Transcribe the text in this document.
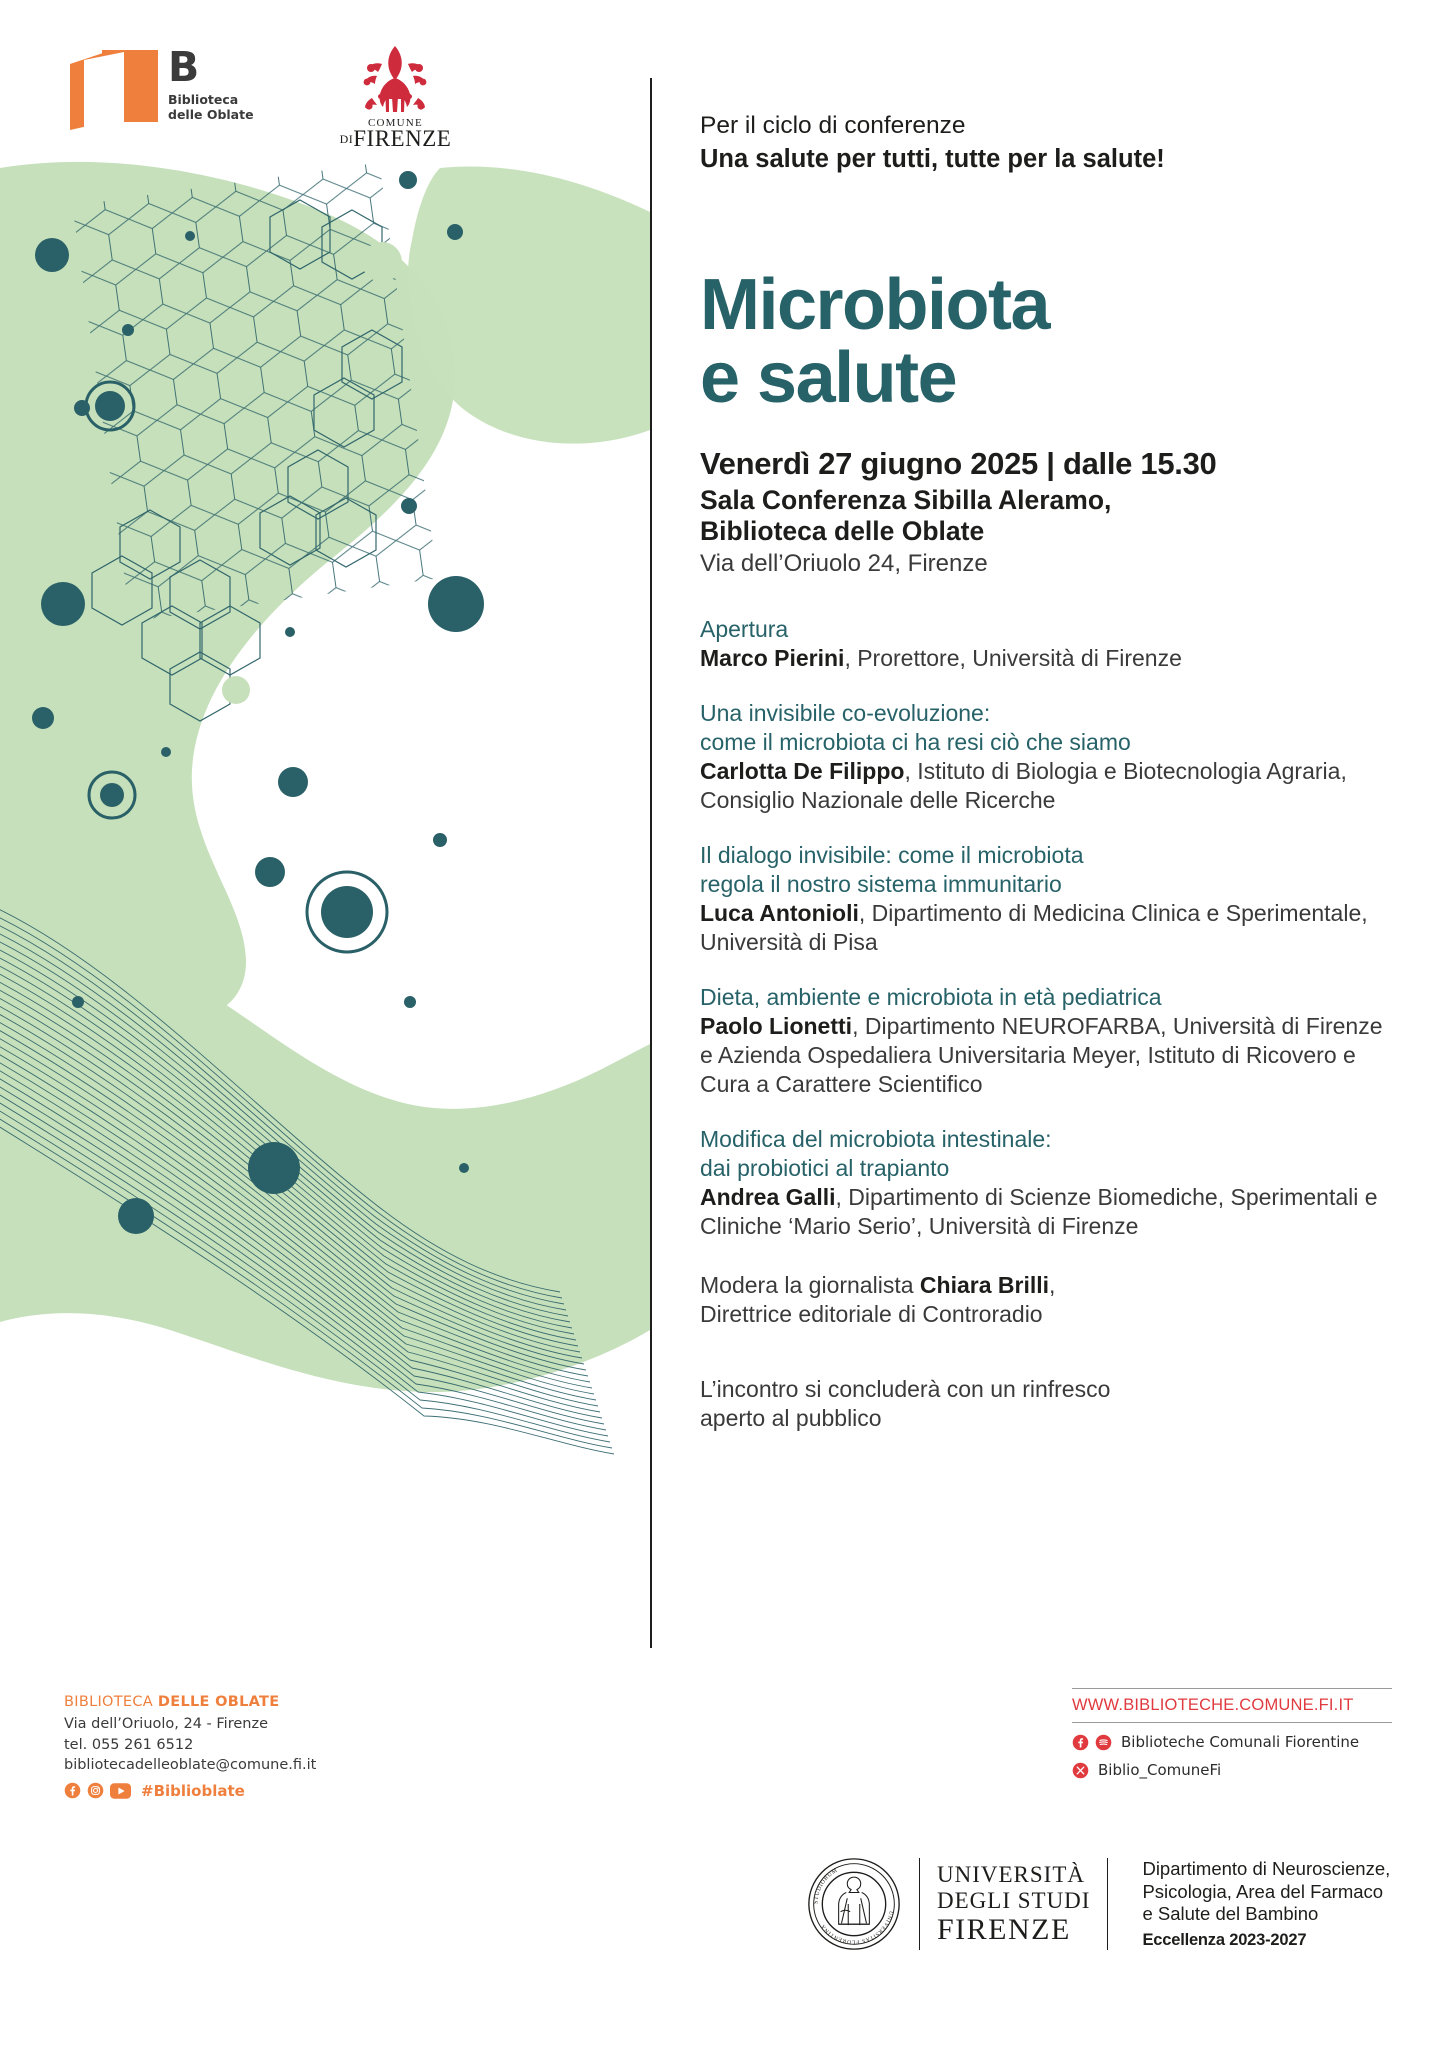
B
Biblioteca
delle Oblate
COMUNE
DIFIRENZE	Per il ciclo di conferenze
Una salute per tutti, tutte per la salute!
Microbiota
e salute
Venerdì 27 giugno 2025 | dalle 15.30
Sala Conferenza Sibilla Aleramo,
Biblioteca delle Oblate
Via dell’Oriuolo 24, Firenze
Apertura
Marco Pierini, Prorettore, Università di Firenze
Una invisibile co-evoluzione:
come il microbiota ci ha resi ciò che siamo
Carlotta De Filippo, Istituto di Biologia e Biotecnologia Agraria, Consiglio Nazionale delle Ricerche
Il dialogo invisibile: come il microbiota
regola il nostro sistema immunitario
Luca Antonioli, Dipartimento di Medicina Clinica e Sperimentale, Università di Pisa
Dieta, ambiente e microbiota in età pediatrica
Paolo Lionetti, Dipartimento NEUROFARBA, Università di Firenze e Azienda Ospedaliera Universitaria Meyer, Istituto di Ricovero e Cura a Carattere Scientifico
Modifica del microbiota intestinale:
dai probiotici al trapianto
Andrea Galli, Dipartimento di Scienze Biomediche, Sperimentali e Cliniche ‘Mario Serio’, Università di Firenze
Modera la giornalista Chiara Brilli,
Direttrice editoriale di Controradio
L’incontro si concluderà con un rinfresco
aperto al pubblico
BIBLIOTECA DELLE OBLATE
Via dell’Oriuolo, 24 - Firenze
tel. 055 261 6512
bibliotecadelleoblate@comune.fi.it
#Biblioblate
WWW.BIBLIOTECHE.COMUNE.FI.IT
Biblioteche Comunali Fiorentine
Biblio_ComuneFi
STUDIORUM
UNIVERSITAS FLORENTINA
UNIVERSITÀ
DEGLI STUDI
FIRENZE
Dipartimento di Neuroscienze,
Psicologia, Area del Farmaco
e Salute del Bambino
Eccellenza 2023-2027
